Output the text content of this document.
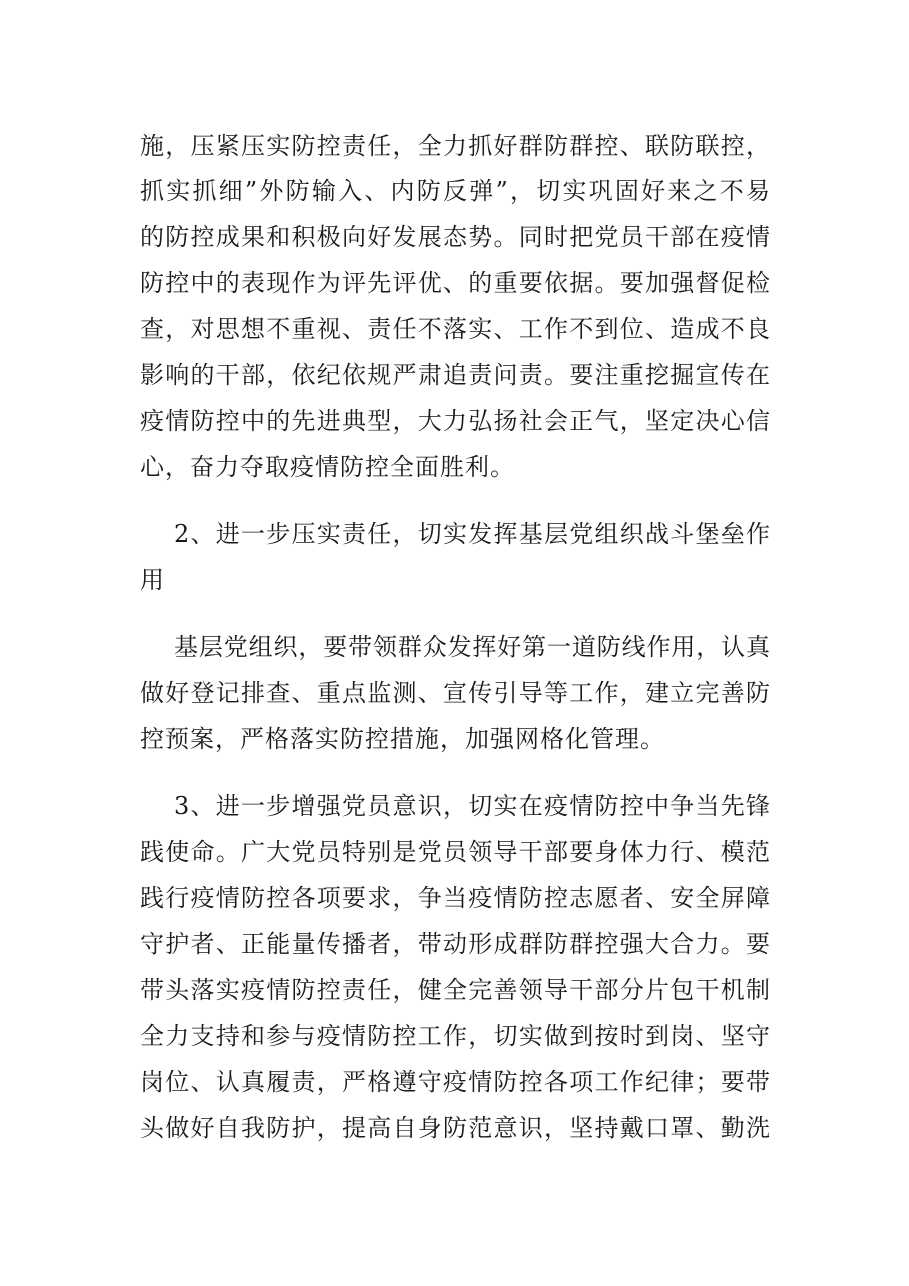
施，压紧压实防控责任，全力抓好群防群控、联防联控，
抓实抓细”外防输入、内防反弹”，切实巩固好来之不易
的防控成果和积极向好发展态势。同时把党员干部在疫情
防控中的表现作为评先评优、的重要依据。要加强督促检
查，对思想不重视、责任不落实、工作不到位、造成不良
影响的干部，依纪依规严肃追责问责。要注重挖掘宣传在
疫情防控中的先进典型，大力弘扬社会正气，坚定决心信
心，奋力夺取疫情防控全面胜利。
2、进一步压实责任，切实发挥基层党组织战斗堡垒作
用
基层党组织，要带领群众发挥好第一道防线作用，认真
做好登记排查、重点监测、宣传引导等工作，建立完善防
控预案，严格落实防控措施，加强网格化管理。
3、进一步增强党员意识，切实在疫情防控中争当先锋
践使命。广大党员特别是党员领导干部要身体力行、模范
践行疫情防控各项要求，争当疫情防控志愿者、安全屏障
守护者、正能量传播者，带动形成群防群控强大合力。要
带头落实疫情防控责任，健全完善领导干部分片包干机制
全力支持和参与疫情防控工作，切实做到按时到岗、坚守
岗位、认真履责，严格遵守疫情防控各项工作纪律；要带
头做好自我防护，提高自身防范意识，坚持戴口罩、勤洗
